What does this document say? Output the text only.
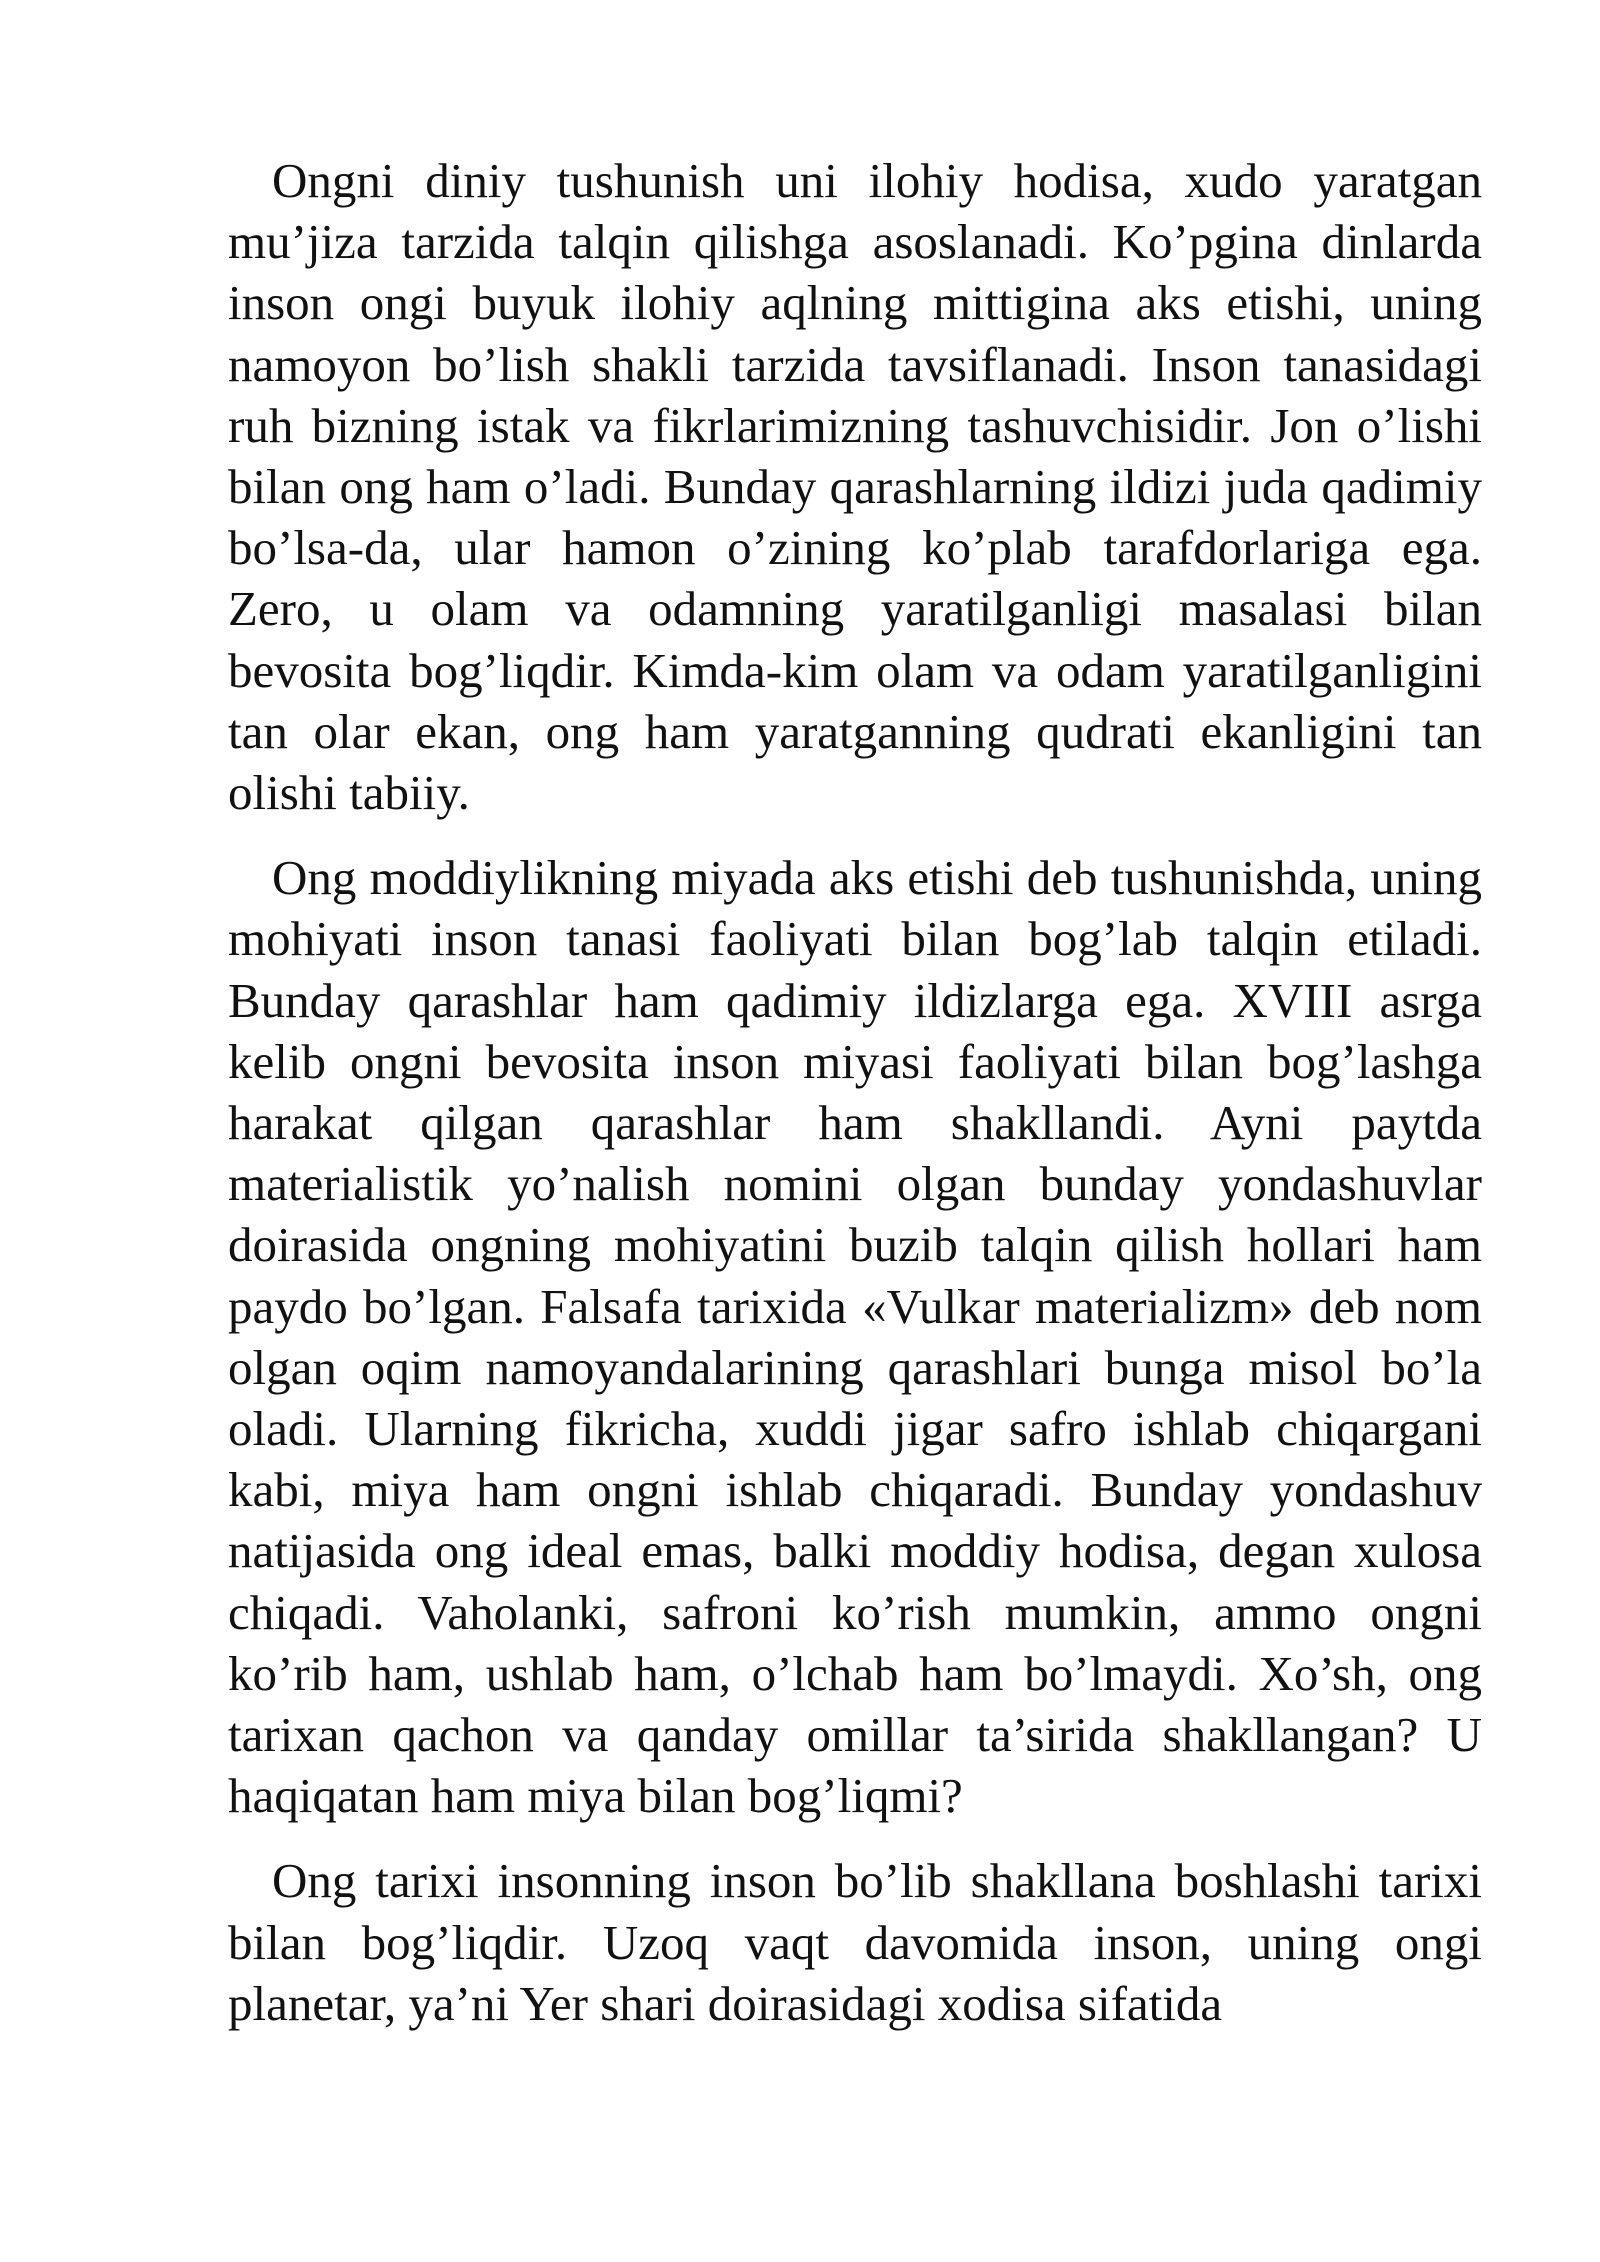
Ongni diniy tushunish uni ilohiy hodisa, xudo yaratgan mu’jiza tarzida talqin qilishga asoslanadi. Ko’pgina dinlarda inson ongi buyuk ilohiy aqlning mittigina aks etishi, uning namoyon bo’lish shakli tarzida tavsiflanadi. Inson tanasidagi ruh bizning istak va fikrlarimizning tashuvchisidir. Jon o’lishi bilan ong ham o’ladi. Bunday qarashlarning ildizi juda qadimiy bo’lsa-da, ular hamon o’zining ko’plab tarafdorlariga ega. Zero, u olam va odamning yaratilganligi masalasi bilan bevosita bog’liqdir. Kimda-kim olam va odam yaratilganligini tan olar ekan, ong ham yaratganning qudrati ekanligini tan olishi tabiiy.

Ong moddiylikning miyada aks etishi deb tushunishda, uning mohiyati inson tanasi faoliyati bilan bog’lab talqin etiladi. Bunday qarashlar ham qadimiy ildizlarga ega. XVIII asrga kelib ongni bevosita inson miyasi faoliyati bilan bog’lashga harakat qilgan qarashlar ham shakllandi. Ayni paytda materialistik yo’nalish nomini olgan bunday yondashuvlar doirasida ongning mohiyatini buzib talqin qilish hollari ham paydo bo’lgan. Falsafa tarixida «Vulkar materializm» deb nom olgan oqim namoyandalarining qarashlari bunga misol bo’la oladi. Ularning fikricha, xuddi jigar safro ishlab chiqargani kabi, miya ham ongni ishlab chiqaradi. Bunday yondashuv natijasida ong ideal emas, balki moddiy hodisa, degan xulosa chiqadi. Vaholanki, safroni ko’rish mumkin, ammo ongni ko’rib ham, ushlab ham, o’lchab ham bo’lmaydi. Xo’sh, ong tarixan qachon va qanday omillar ta’sirida shakllangan? U haqiqatan ham miya bilan bog’liqmi?

Ong tarixi insonning inson bo’lib shakllana boshlashi tarixi bilan bog’liqdir. Uzoq vaqt davomida inson, uning ongi planetar, ya’ni Yer shari doirasidagi xodisa sifatida
